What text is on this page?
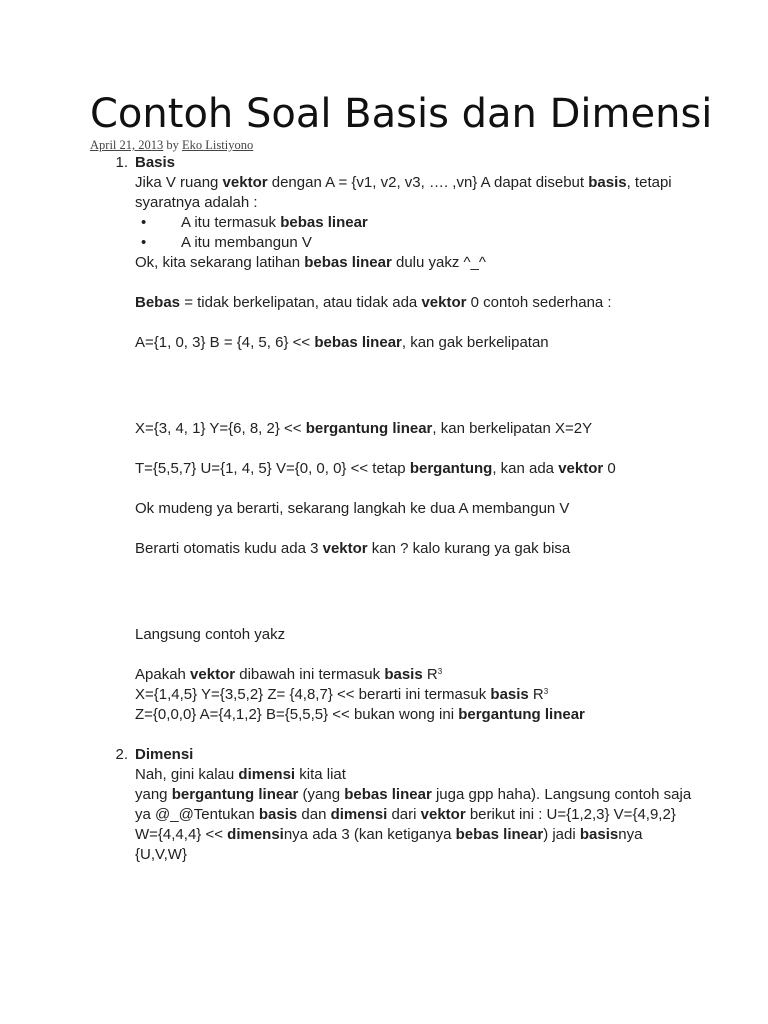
Contoh Soal Basis dan Dimensi
April 21, 2013 by Eko Listiyono
1. Basis

Jika V ruang vektor dengan A = {v1, v2, v3, …. ,vn} A dapat disebut basis, tetapi syaratnya adalah :

• A itu termasuk bebas linear
• A itu membangun V

Ok, kita sekarang latihan bebas linear dulu yakz ^_^

Bebas = tidak berkelipatan, atau tidak ada vektor 0 contoh sederhana :

A={1, 0, 3} B = {4, 5, 6} << bebas linear, kan gak berkelipatan

X={3, 4, 1} Y={6, 8, 2} << bergantung linear, kan berkelipatan X=2Y

T={5,5,7} U={1, 4, 5} V={0, 0, 0} << tetap bergantung, kan ada vektor 0

Ok mudeng ya berarti, sekarang langkah ke dua A membangun V

Berarti otomatis kudu ada 3 vektor kan ? kalo kurang ya gak bisa

Langsung contoh yakz

Apakah vektor dibawah ini termasuk basis $R^3$

X={1,4,5} Y={3,5,2} Z= {4,8,7} << berarti ini termasuk basis $R^3$

Z={0,0,0} A={4,1,2} B={5,5,5} << bukan wong ini bergantung linear

2. Dimensi

Nah, gini kalau dimensi kita liat

yang bergantung linear (yang bebas linear juga gpp haha). Langsung contoh saja ya @_@Tentukan basis dan dimensi dari vektor berikut ini : U={1,2,3} V={4,9,2} W={4,4,4} << dimensinya ada 3 (kan ketiganya bebas linear) jadi basisnya {U,V,W}
